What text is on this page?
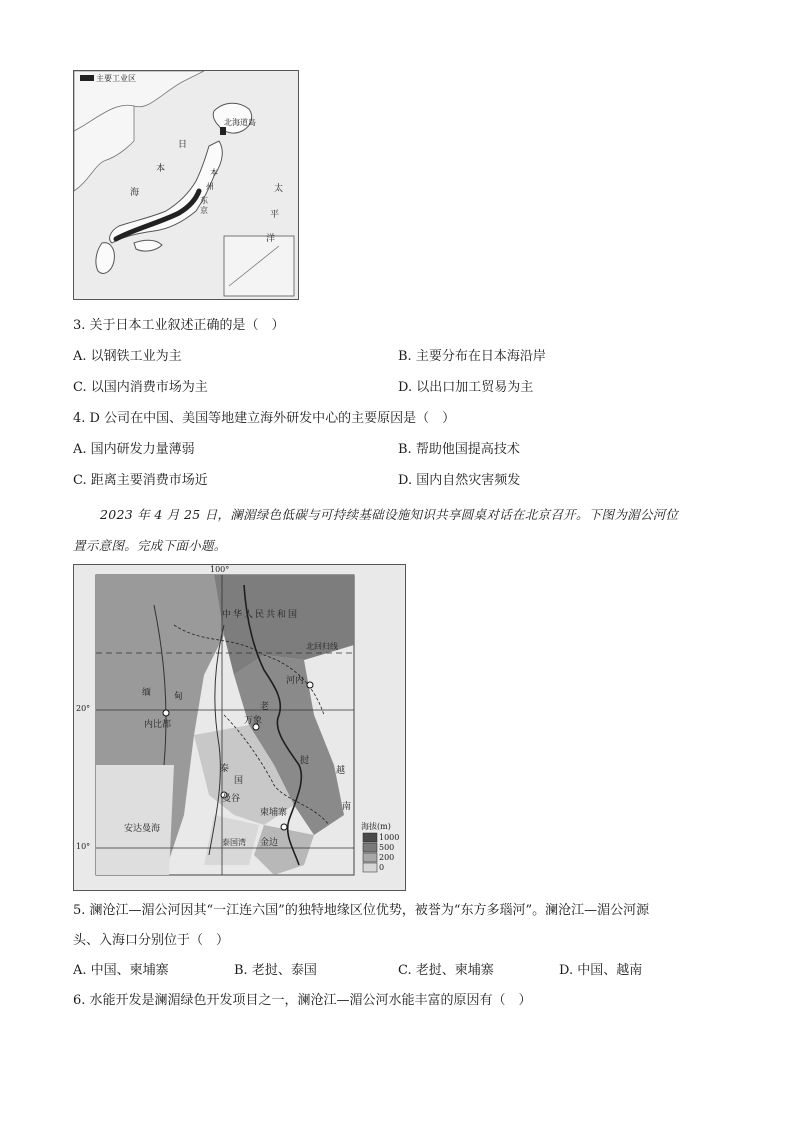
主要工业区
日
本
海
北海道岛
太
平
洋
本
州
东
京
3. 关于日本工业叙述正确的是（　）
A. 以钢铁工业为主	B. 主要分布在日本海沿岸
C. 以国内消费市场为主	D. 以出口加工贸易为主
4. D 公司在中国、美国等地建立海外研发中心的主要原因是（　）
A. 国内研发力量薄弱	B. 帮助他国提高技术
C. 距离主要消费市场近	D. 国内自然灾害频发
2023 年 4 月 25 日，澜湄绿色低碳与可持续基础设施知识共享圆桌对话在北京召开。下图为湄公河位
置示意图。完成下面小题。
100°
20°
10°
中华人民共和国
北回归线
缅	甸
河内
内比都	万象
老
挝
泰
国
曼谷
柬埔寨
金边
越
南
安达曼海
泰国湾
海拔(m)
1000
500
200
0
5. 澜沧江—湄公河因其“一江连六国”的独特地缘区位优势，被誉为“东方多瑙河”。澜沧江—湄公河源
头、入海口分别位于（　）
A. 中国、柬埔寨	B. 老挝、泰国	C. 老挝、柬埔寨	D. 中国、越南
6. 水能开发是澜湄绿色开发项目之一，澜沧江—湄公河水能丰富的原因有（　）
